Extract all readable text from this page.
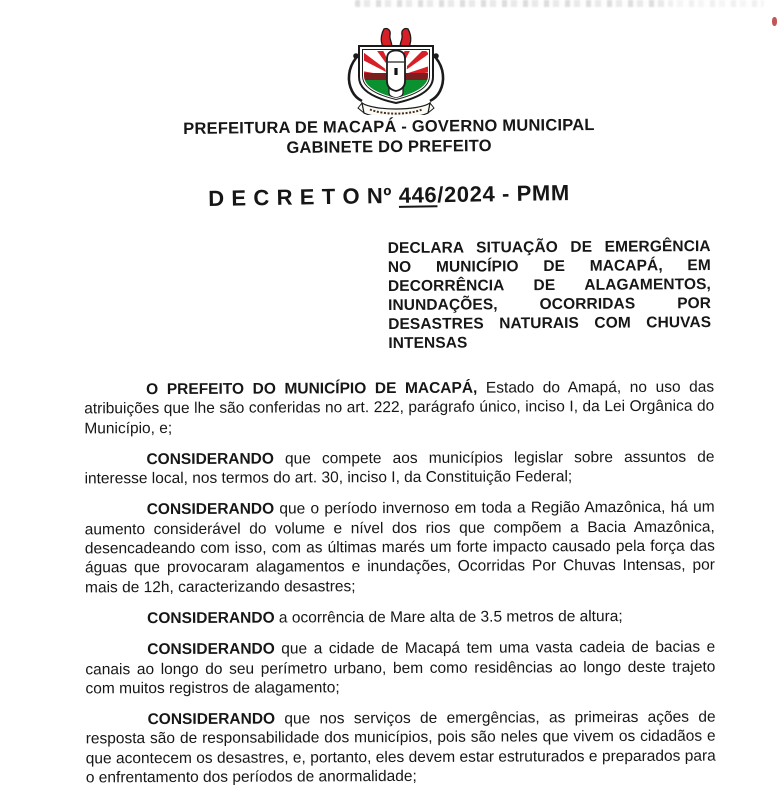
PREFEITURA DE MACAPÁ - GOVERNO MUNICIPAL
GABINETE DO PREFEITO
D E C R E T O Nº 446/2024 - PMM
DECLARA SITUAÇÃO DE EMERGÊNCIA NO MUNICÍPIO DE MACAPÁ, EM DECORRÊNCIA DE ALAGAMENTOS, INUNDAÇÕES, OCORRIDAS POR DESASTRES NATURAIS COM CHUVAS INTENSAS

O PREFEITO DO MUNICÍPIO DE MACAPÁ, Estado do Amapá, no uso das atribuições que lhe são conferidas no art. 222, parágrafo único, inciso I, da Lei Orgânica do Município, e;

CONSIDERANDO que compete aos municípios legislar sobre assuntos de interesse local, nos termos do art. 30, inciso I, da Constituição Federal;

CONSIDERANDO que o período invernoso em toda a Região Amazônica, há um aumento considerável do volume e nível dos rios que compõem a Bacia Amazônica, desencadeando com isso, com as últimas marés um forte impacto causado pela força das águas que provocaram alagamentos e inundações, Ocorridas Por Chuvas Intensas, por mais de 12h, caracterizando desastres;

CONSIDERANDO a ocorrência de Mare alta de 3.5 metros de altura;

CONSIDERANDO que a cidade de Macapá tem uma vasta cadeia de bacias e canais ao longo do seu perímetro urbano, bem como residências ao longo deste trajeto com muitos registros de alagamento;

CONSIDERANDO que nos serviços de emergências, as primeiras ações de resposta são de responsabilidade dos municípios, pois são neles que vivem os cidadãos e que acontecem os desastres, e, portanto, eles devem estar estruturados e preparados para o enfrentamento dos períodos de anormalidade;
